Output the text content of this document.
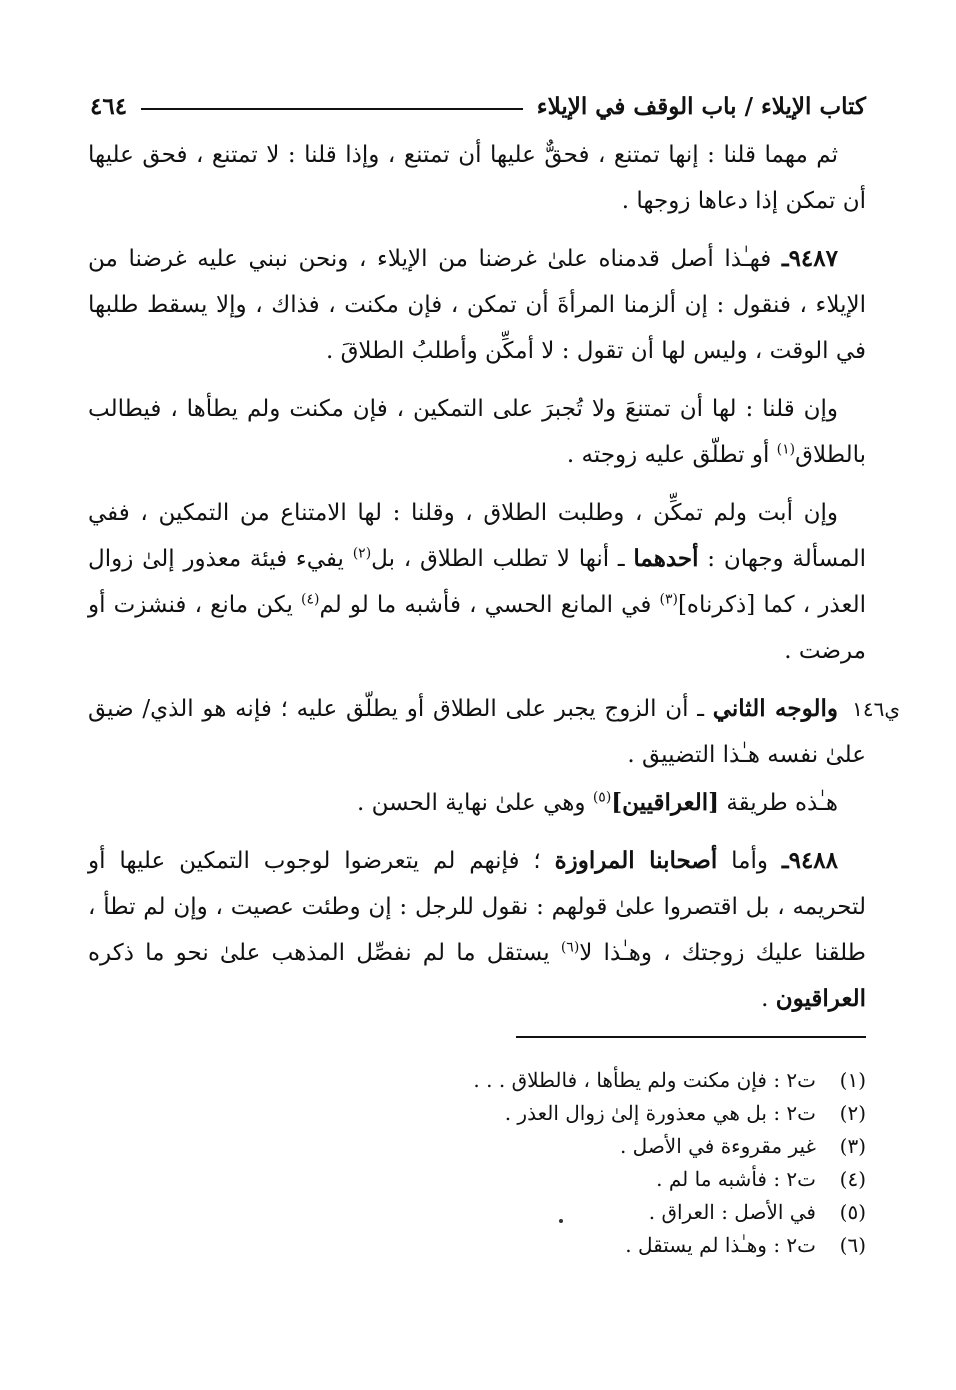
كتاب الإيلاء / باب الوقف في الإيلاء
٤٦٤

ثم مهما قلنا : إنها تمتنع ، فحقٌّ عليها أن تمتنع ، وإذا قلنا : لا تمتنع ، فحق عليها أن تمكن إذا دعاها زوجها .

٩٤٨٧ـ فهـٰذا أصل قدمناه علىٰ غرضنا من الإيلاء ، ونحن نبني عليه غرضنا من الإيلاء ، فنقول : إن ألزمنا المرأةَ أن تمكن ، فإن مكنت ، فذاك ، وإلا يسقط طلبها في الوقت ، وليس لها أن تقول : لا أمكِّن وأطلبُ الطلاقَ .

وإن قلنا : لها أن تمتنعَ ولا تُجبرَ على التمكين ، فإن مكنت ولم يطأها ، فيطالب بالطلاق$^{(١)}$ أو تطلّق عليه زوجته .

وإن أبت ولم تمكِّن ، وطلبت الطلاق ، وقلنا : لها الامتناع من التمكين ، ففي المسألة وجهان : أحدهما ـ أنها لا تطلب الطلاق ، بل$^{(٢)}$ يفيء فيئة معذور إلىٰ زوال العذر ، كما [ذكرناه]$^{(٣)}$ في المانع الحسي ، فأشبه ما لو لم$^{(٤)}$ يكن مانع ، فنشزت أو مرضت .

ي١٤٦
والوجه الثاني ـ أن الزوج يجبر على الطلاق أو يطلّق عليه ؛ فإنه هو الذي/ ضيق علىٰ نفسه هـٰذا التضييق .

هـٰذه طريقة [العراقيين]$^{(٥)}$ وهي علىٰ نهاية الحسن .

٩٤٨٨ـ وأما أصحابنا المراوزة ؛ فإنهم لم يتعرضوا لوجوب التمكين عليها أو لتحريمه ، بل اقتصروا علىٰ قولهم : نقول للرجل : إن وطئت عصيت ، وإن لم تطأ ، طلقنا عليك زوجتك ، وهـٰذا لا$^{(٦)}$ يستقل ما لم نفصِّل المذهب علىٰ نحو ما ذكره العراقيون .

(١)
ت٢ : فإن مكنت ولم يطأها ، فالطلاق . . .
(٢)
ت٢ : بل هي معذورة إلىٰ زوال العذر .
(٣)
غير مقروءة في الأصل .
(٤)
ت٢ : فأشبه ما لم .
(٥)
في الأصل : العراق .
(٦)
ت٢ : وهـٰذا لم يستقل .
